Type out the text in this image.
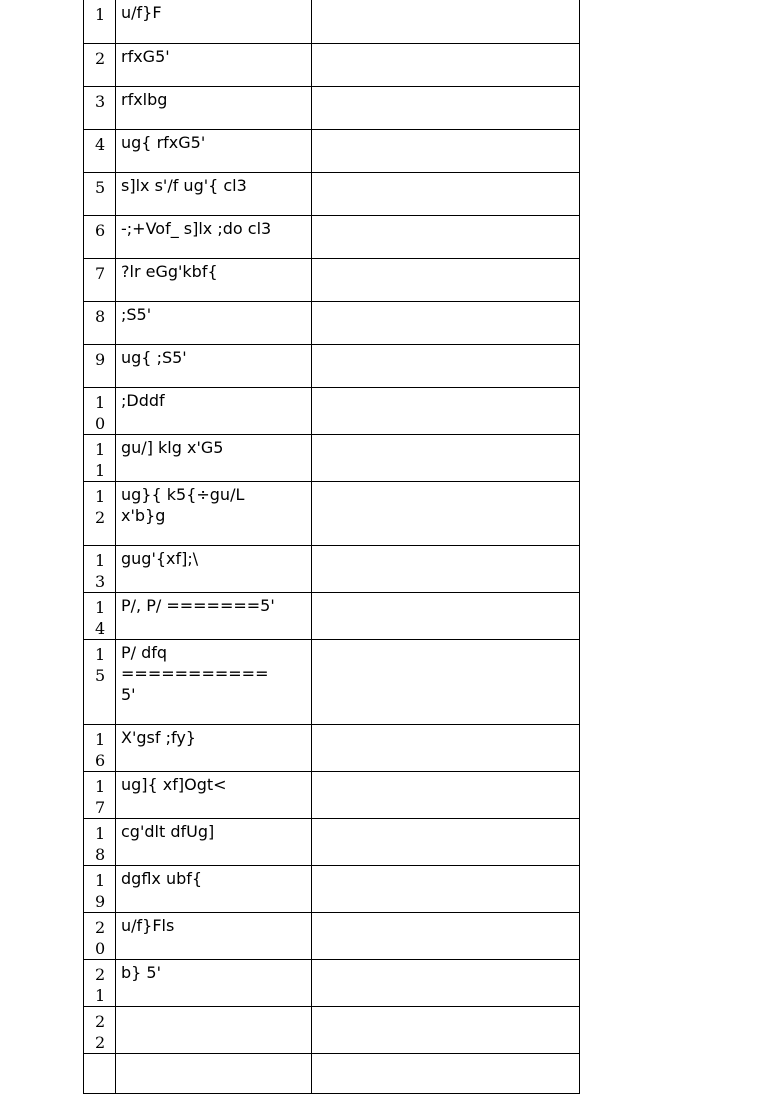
1	u/f}F	

2	rfxG5'	

3	rfxlbg	

4	ug{ rfxG5'	

5	s]lx s'/f ug'{ cl3	

6	-;+Vof_ s]lx ;do cl3	

7	?lr eGg'kbf{	

8	;S5'	

9	ug{ ;S5'	

10	;Dddf	

11	gu/] klg x'G5	

12	ug}{ k5{÷gu/L
x'b}g	

13	gug'{xf];\	

14	P/, P/ =======5'	

15	P/ dfq
===========
5'	

16	X'gsf ;fy}	

17	ug]{ xf]Ogt<	

18	cg'dlt dfUg]	

19	dgflx ubf{	

20	u/f}Fls	

21	b} 5'	

22		
